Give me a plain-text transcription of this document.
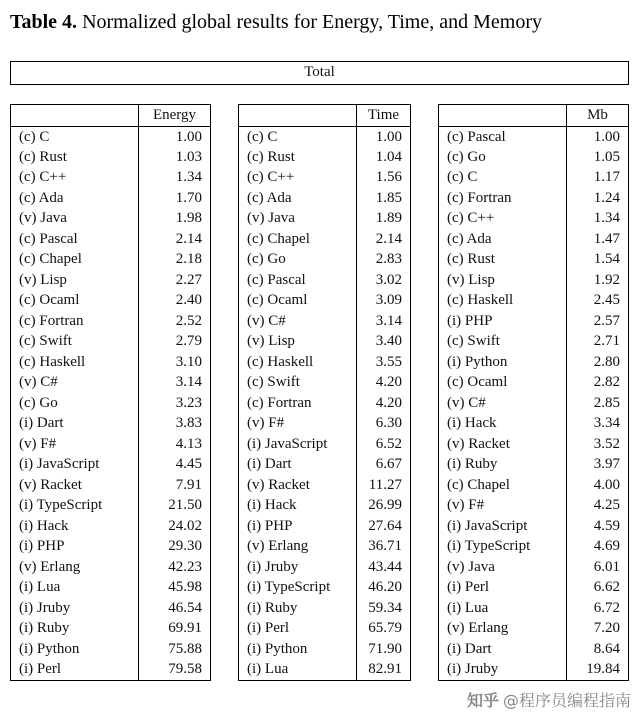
Table 4. Normalized global results for Energy, Time, and Memory
Total
	Energy
(c) C	1.00
(c) Rust	1.03
(c) C++	1.34
(c) Ada	1.70
(v) Java	1.98
(c) Pascal	2.14
(c) Chapel	2.18
(v) Lisp	2.27
(c) Ocaml	2.40
(c) Fortran	2.52
(c) Swift	2.79
(c) Haskell	3.10
(v) C#	3.14
(c) Go	3.23
(i) Dart	3.83
(v) F#	4.13
(i) JavaScript	4.45
(v) Racket	7.91
(i) TypeScript	21.50
(i) Hack	24.02
(i) PHP	29.30
(v) Erlang	42.23
(i) Lua	45.98
(i) Jruby	46.54
(i) Ruby	69.91
(i) Python	75.88
(i) Perl	79.58
	Time
(c) C	1.00
(c) Rust	1.04
(c) C++	1.56
(c) Ada	1.85
(v) Java	1.89
(c) Chapel	2.14
(c) Go	2.83
(c) Pascal	3.02
(c) Ocaml	3.09
(v) C#	3.14
(v) Lisp	3.40
(c) Haskell	3.55
(c) Swift	4.20
(c) Fortran	4.20
(v) F#	6.30
(i) JavaScript	6.52
(i) Dart	6.67
(v) Racket	11.27
(i) Hack	26.99
(i) PHP	27.64
(v) Erlang	36.71
(i) Jruby	43.44
(i) TypeScript	46.20
(i) Ruby	59.34
(i) Perl	65.79
(i) Python	71.90
(i) Lua	82.91
	Mb
(c) Pascal	1.00
(c) Go	1.05
(c) C	1.17
(c) Fortran	1.24
(c) C++	1.34
(c) Ada	1.47
(c) Rust	1.54
(v) Lisp	1.92
(c) Haskell	2.45
(i) PHP	2.57
(c) Swift	2.71
(i) Python	2.80
(c) Ocaml	2.82
(v) C#	2.85
(i) Hack	3.34
(v) Racket	3.52
(i) Ruby	3.97
(c) Chapel	4.00
(v) F#	4.25
(i) JavaScript	4.59
(i) TypeScript	4.69
(v) Java	6.01
(i) Perl	6.62
(i) Lua	6.72
(v) Erlang	7.20
(i) Dart	8.64
(i) Jruby	19.84
知乎 @程序员编程指南
